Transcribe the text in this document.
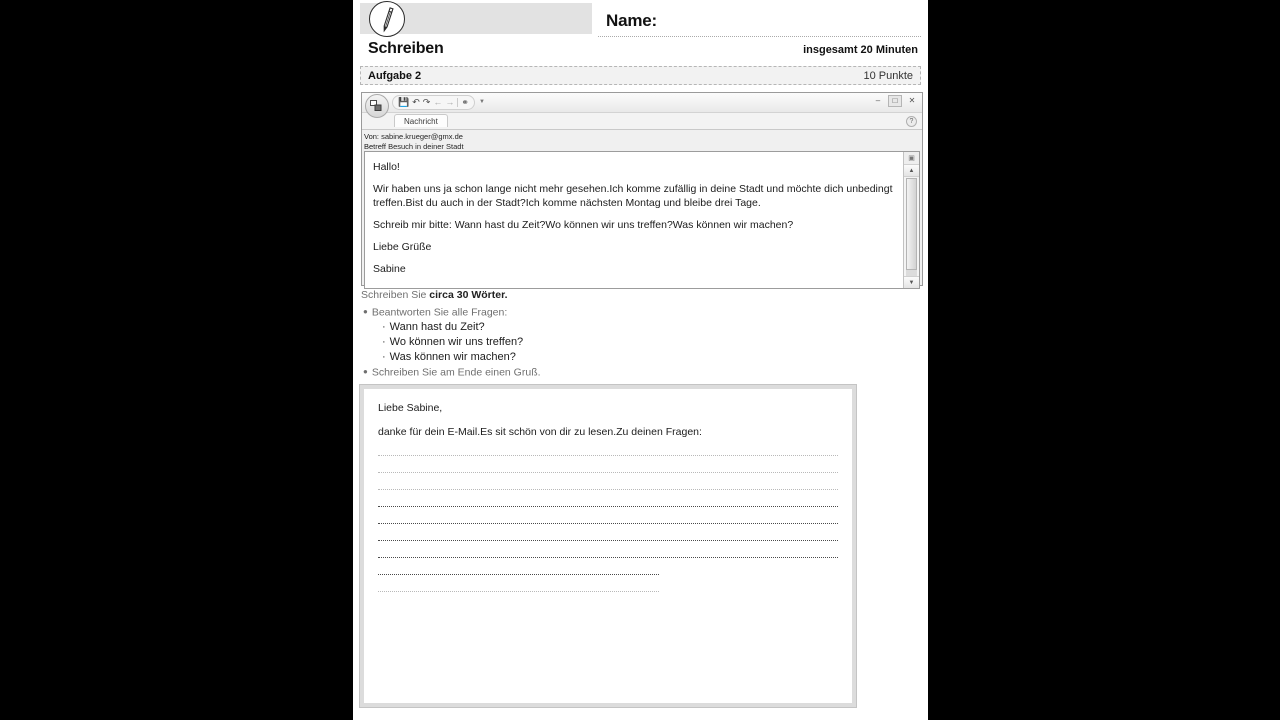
Name:
Schreiben	insgesamt 20 Minuten
Aufgabe 2	10 Punkte
💾 ↶ ↷ ← → ⚭ ▼	–	□	✕
Nachricht	?
Von: sabine.krueger@gmx.de
Betreff Besuch in deiner Stadt

Hallo!

Wir haben uns ja schon lange nicht mehr gesehen.Ich komme zufällig in deine Stadt und möchte dich unbedingt treffen.Bist du auch in der Stadt?Ich komme nächsten Montag und bleibe drei Tage.

Schreib mir bitte: Wann hast du Zeit?Wo können wir uns treffen?Was können wir machen?

Liebe Grüße

Sabine

▣
▲
▼
Schreiben Sie circa 30 Wörter.
● Beantworten Sie alle Fragen:
· Wann hast du Zeit?
· Wo können wir uns treffen?
· Was können wir machen?
● Schreiben Sie am Ende einen Gruß.
Liebe Sabine,
danke für dein E-Mail.Es sit schön von dir zu lesen.Zu deinen Fragen:
